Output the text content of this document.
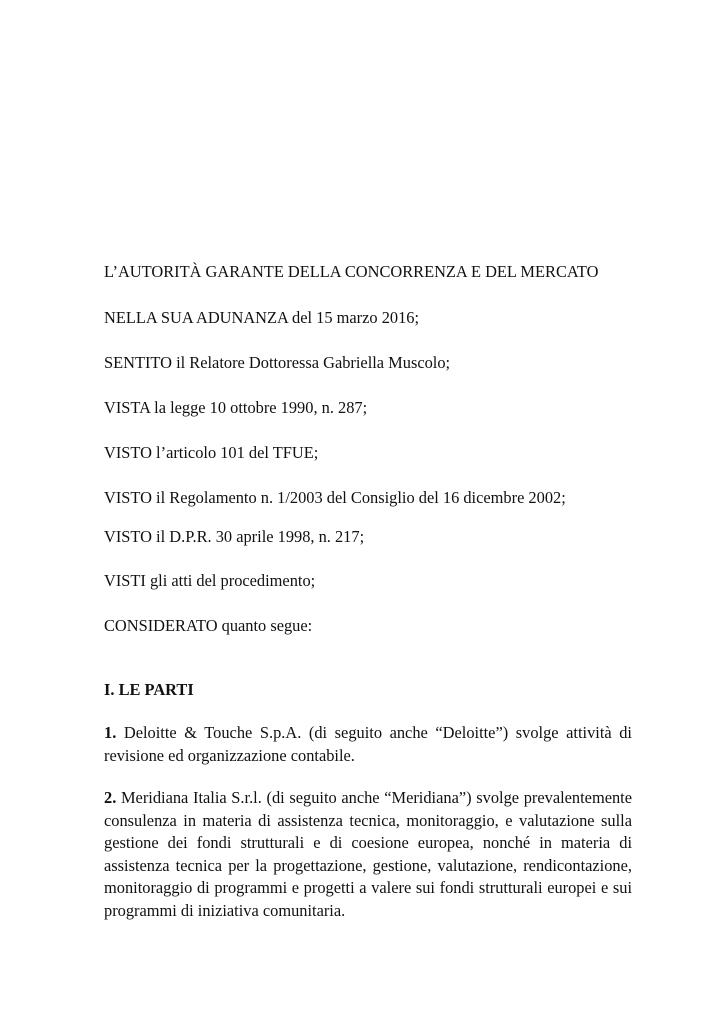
L’AUTORITÀ GARANTE DELLA CONCORRENZA E DEL MERCATO
NELLA SUA ADUNANZA del 15 marzo 2016;
SENTITO il Relatore Dottoressa Gabriella Muscolo;
VISTA la legge 10 ottobre 1990, n. 287;
VISTO l’articolo 101 del TFUE;
VISTO il Regolamento n. 1/2003 del Consiglio del 16 dicembre 2002;
VISTO il D.P.R. 30 aprile 1998, n. 217;
VISTI gli atti del procedimento;
CONSIDERATO quanto segue:
I. LE PARTI
1. Deloitte & Touche S.p.A. (di seguito anche “Deloitte”) svolge attività di revisione ed organizzazione contabile.
2. Meridiana Italia S.r.l. (di seguito anche “Meridiana”) svolge prevalentemente consulenza in materia di assistenza tecnica, monitoraggio, e valutazione sulla gestione dei fondi strutturali e di coesione europea, nonché in materia di assistenza tecnica per la progettazione, gestione, valutazione, rendicontazione, monitoraggio di programmi e progetti a valere sui fondi strutturali europei e sui programmi di iniziativa comunitaria.
